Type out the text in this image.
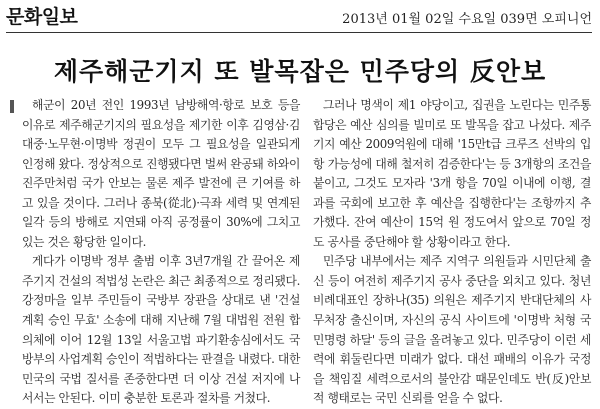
문화일보	2013년 01월 02일 수요일 039면 오피니언
제주해군기지 또 발목잡은 민주당의 反안보

해군이 20년 전인 1993년 남방해역·항로 보호 등을 이유로 제주해군기지의 필요성을 제기한 이후 김영삼·김대중·노무현·이명박 정권이 모두 그 필요성을 일관되게 인정해 왔다. 정상적으로 진행됐다면 벌써 완공돼 하와이 진주만처럼 국가 안보는 물론 제주 발전에 큰 기여를 하고 있을 것이다. 그러나 종북(從北)·극좌 세력 및 연계된 일각 등의 방해로 지연돼 아직 공정률이 30%에 그치고 있는 것은 황당한 일이다.

게다가 이명박 정부 출범 이후 3년7개월 간 끌어온 제주기지 건설의 적법성 논란은 최근 최종적으로 정리됐다. 강정마을 일부 주민들이 국방부 장관을 상대로 낸 '건설계획 승인 무효' 소송에 대해 지난해 7월 대법원 전원 합의체에 이어 12월 13일 서울고법 파기환송심에서도 국방부의 사업계획 승인이 적법하다는 판결을 내렸다. 대한민국의 국법 질서를 존중한다면 더 이상 건설 저지에 나서서는 안된다. 이미 충분한 토론과 절차를 거쳤다.

그러나 명색이 제1 야당이고, 집권을 노린다는 민주통합당은 예산 심의를 빌미로 또 발목을 잡고 나섰다. 제주기지 예산 2009억원에 대해 '15만t급 크루즈 선박의 입항 가능성에 대해 철저히 검증한다'는 등 3개항의 조건을 붙이고, 그것도 모자라 '3개 항을 70일 이내에 이행, 결과를 국회에 보고한 후 예산을 집행한다'는 조항까지 추가했다. 잔여 예산이 15억 원 정도여서 앞으로 70일 정도 공사를 중단해야 할 상황이라고 한다.

민주당 내부에서는 제주 지역구 의원들과 시민단체 출신 등이 여전히 제주기지 공사 중단을 외치고 있다. 청년비례대표인 장하나(35) 의원은 제주기지 반대단체의 사무처장 출신이며, 자신의 공식 사이트에 '이명박 처형 국민명령 하달' 등의 글을 올려놓고 있다. 민주당이 이런 세력에 휘둘린다면 미래가 없다. 대선 패배의 이유가 국정을 책임질 세력으로서의 불안감 때문인데도 반(反)안보적 행태로는 국민 신뢰를 얻을 수 없다.
